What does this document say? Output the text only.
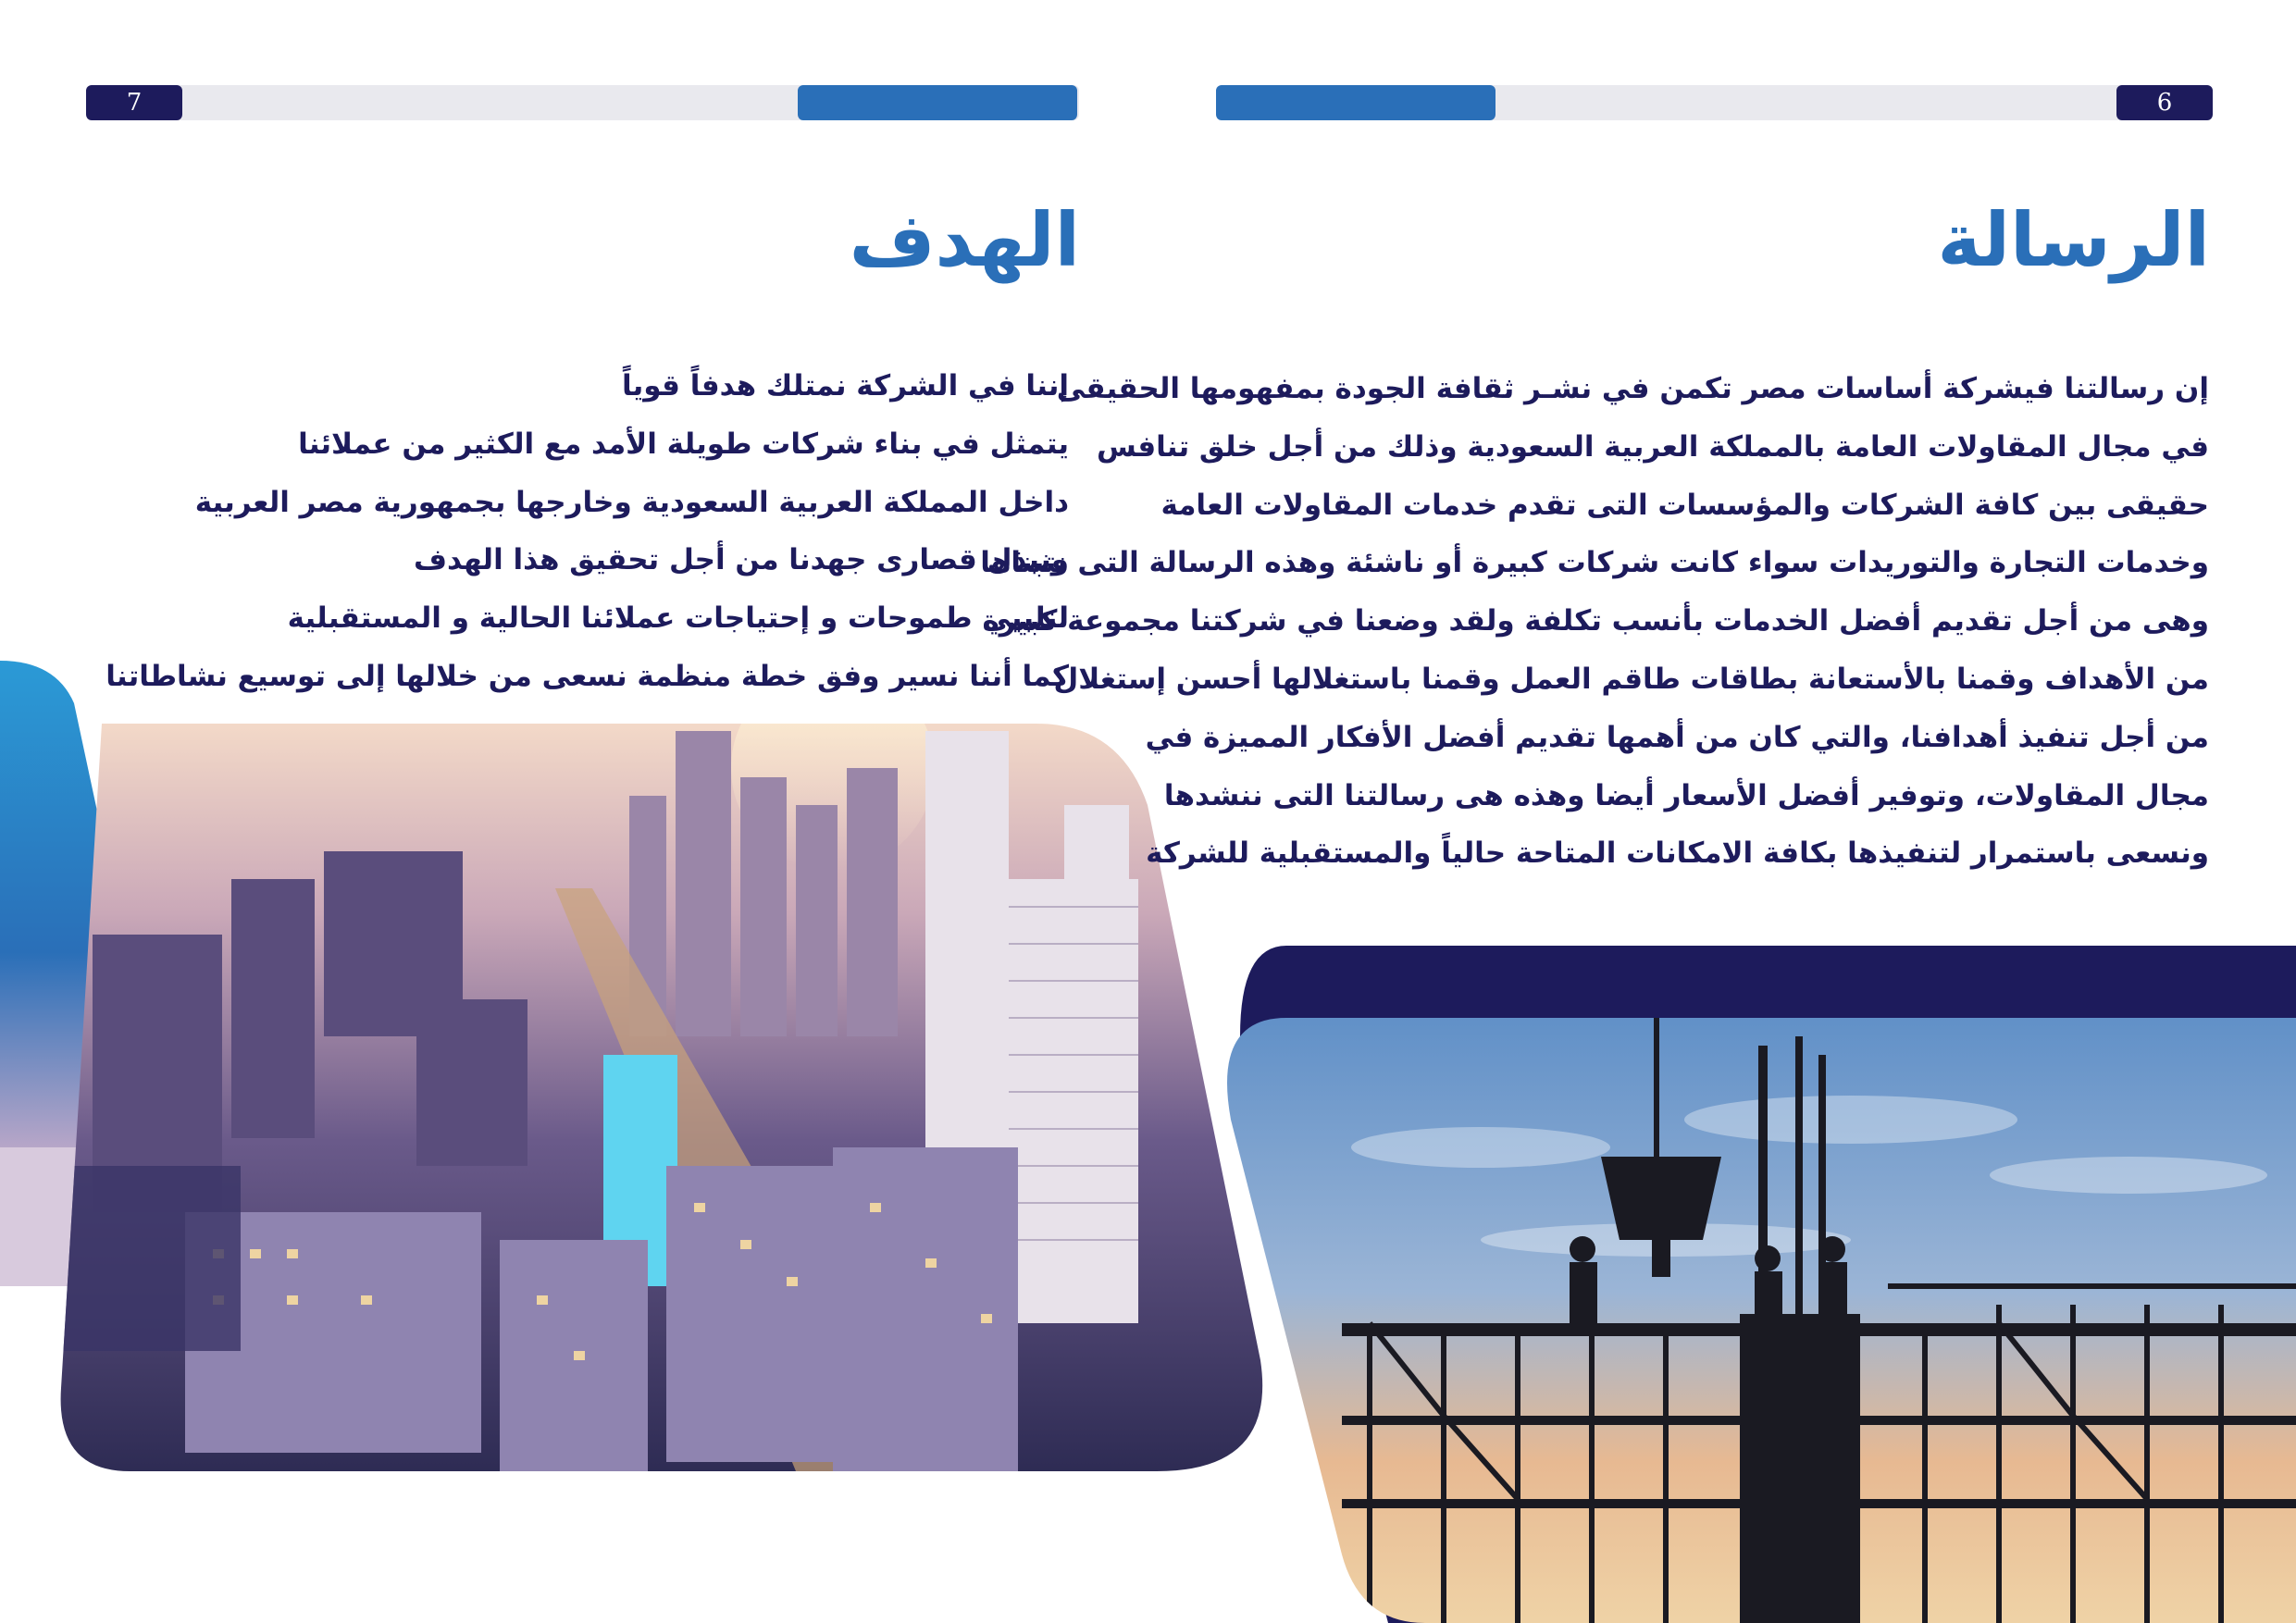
7	6
الهدف
إننا في الشركة نمتلك هدفاً قوياً
يتمثل في بناء شركات طويلة الأمد مع الكثير من عملائنا
داخل المملكة العربية السعودية وخارجها بجمهورية مصر العربية
ونبذل قصارى جهدنا من أجل تحقيق هذا الهدف
لنلبيي طموحات و إحتياجات عملائنا الحالية و المستقبلية
كما أننا نسير وفق خطة منظمة نسعى من خلالها إلى توسيع نشاطاتنا
الرسالة
إن رسالتنا فيشركة أساسات مصر تكمن في نشـر ثقافة الجودة بمفهومها الحقيقى
في مجال المقاولات العامة بالمملكة العربية السعودية وذلك من أجل خلق تنافس
حقيقى بين كافة الشركات والمؤسسات التى تقدم خدمات المقاولات العامة
وخدمات التجارة والتوريدات سواء كانت شركات كبيرة أو ناشئة وهذه الرسالة التى نتبناها
وهى من أجل تقديم أفضل الخدمات بأنسب تكلفة ولقد وضعنا في شركتنا مجموعة كبيرة
من الأهداف وقمنا بالأستعانة بطاقات طاقم العمل وقمنا باستغلالها أحسن إستغلال
من أجل تنفيذ أهدافنا، والتي كان من أهمها تقديم أفضل الأفكار المميزة في
مجال المقاولات، وتوفير أفضل الأسعار أيضا وهذه هى رسالتنا التى ننشدها
ونسعى باستمرار لتنفيذها بكافة الامكانات المتاحة حالياً والمستقبلية للشركة
